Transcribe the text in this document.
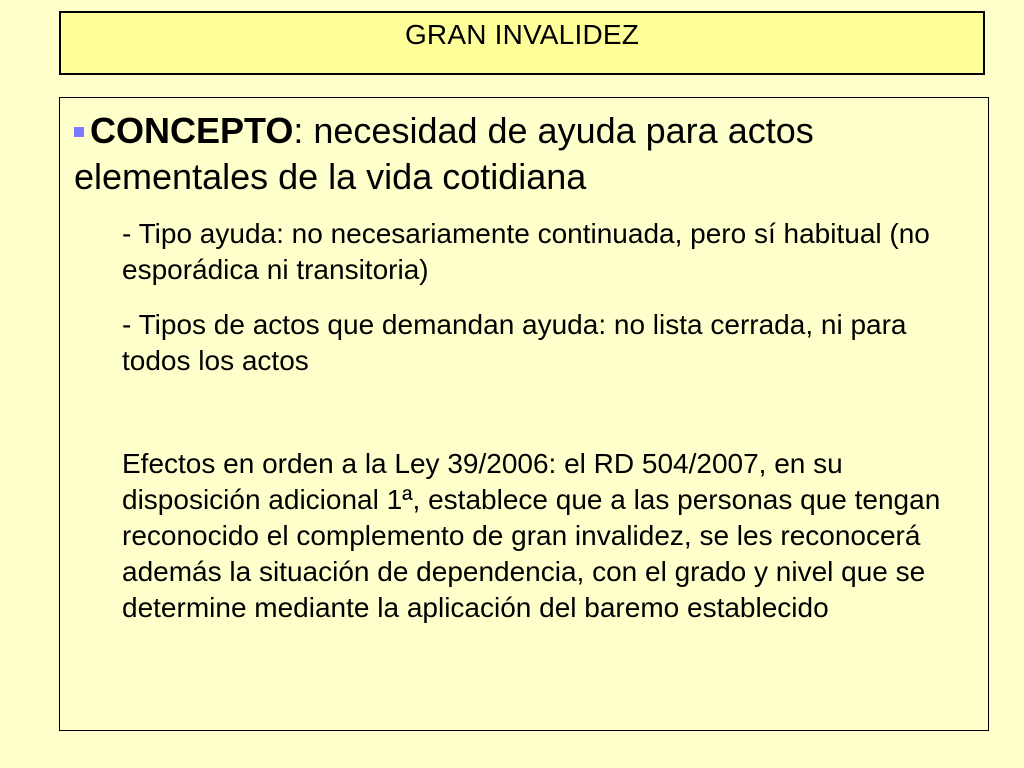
GRAN INVALIDEZ
CONCEPTO: necesidad de ayuda para actos elementales de la vida cotidiana
- Tipo ayuda: no necesariamente continuada, pero sí habitual (no esporádica ni transitoria)
- Tipos de actos que demandan ayuda: no lista cerrada, ni para todos los actos
Efectos en orden a la Ley 39/2006: el RD 504/2007, en su disposición adicional 1ª, establece que a las personas que tengan reconocido el complemento de gran invalidez, se les reconocerá además la situación de dependencia, con el grado y nivel que se determine mediante la aplicación del baremo establecido
